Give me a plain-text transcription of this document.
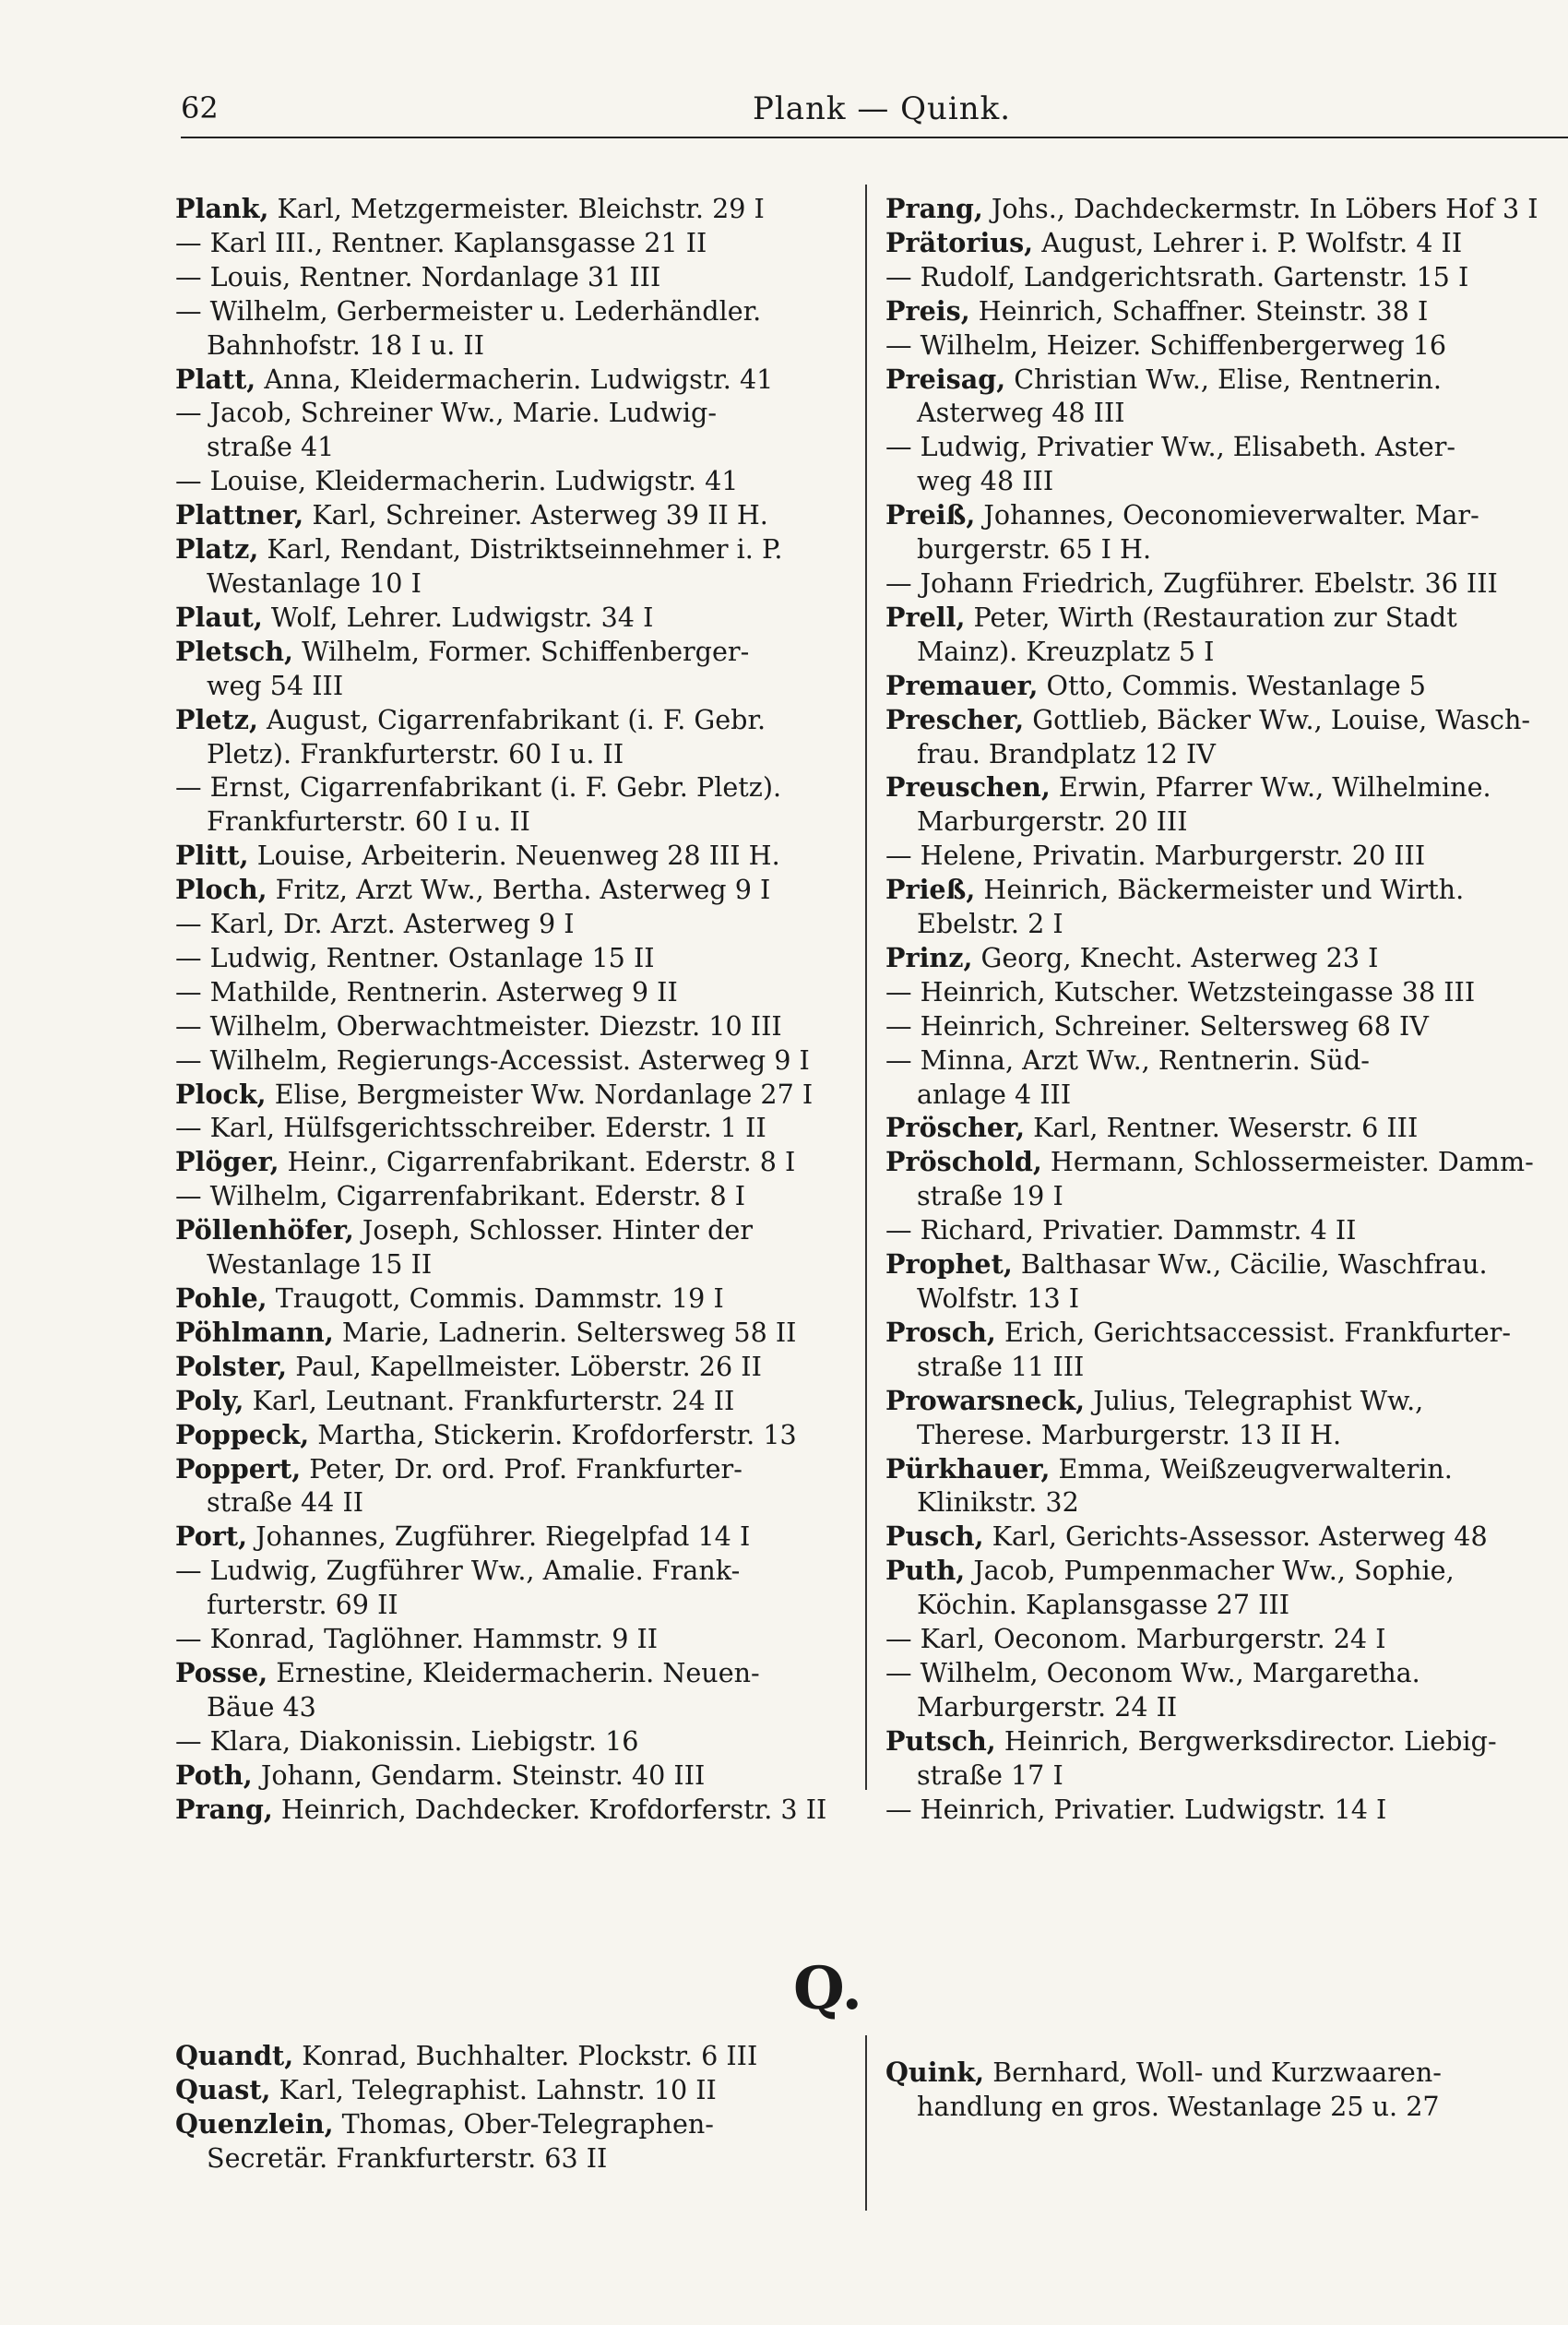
62	Plank — Quink.
Plank, Karl, Metzgermeister. Bleichstr. 29 I
— Karl III., Rentner. Kaplansgasse 21 II
— Louis, Rentner. Nordanlage 31 III
— Wilhelm, Gerbermeister u. Lederhändler.
Bahnhofstr. 18 I u. II
Platt, Anna, Kleidermacherin. Ludwigstr. 41
— Jacob, Schreiner Ww., Marie. Ludwig-
straße 41
— Louise, Kleidermacherin. Ludwigstr. 41
Plattner, Karl, Schreiner. Asterweg 39 II H.
Platz, Karl, Rendant, Distriktseinnehmer i. P.
Westanlage 10 I
Plaut, Wolf, Lehrer. Ludwigstr. 34 I
Pletsch, Wilhelm, Former. Schiffenberger-
weg 54 III
Pletz, August, Cigarrenfabrikant (i. F. Gebr.
Pletz). Frankfurterstr. 60 I u. II
— Ernst, Cigarrenfabrikant (i. F. Gebr. Pletz).
Frankfurterstr. 60 I u. II
Plitt, Louise, Arbeiterin. Neuenweg 28 III H.
Ploch, Fritz, Arzt Ww., Bertha. Asterweg 9 I
— Karl, Dr. Arzt. Asterweg 9 I
— Ludwig, Rentner. Ostanlage 15 II
— Mathilde, Rentnerin. Asterweg 9 II
— Wilhelm, Oberwachtmeister. Diezstr. 10 III
— Wilhelm, Regierungs-Accessist. Asterweg 9 I
Plock, Elise, Bergmeister Ww. Nordanlage 27 I
— Karl, Hülfsgerichtsschreiber. Ederstr. 1 II
Plöger, Heinr., Cigarrenfabrikant. Ederstr. 8 I
— Wilhelm, Cigarrenfabrikant. Ederstr. 8 I
Pöllenhöfer, Joseph, Schlosser. Hinter der
Westanlage 15 II
Pohle, Traugott, Commis. Dammstr. 19 I
Pöhlmann, Marie, Ladnerin. Seltersweg 58 II
Polster, Paul, Kapellmeister. Löberstr. 26 II
Poly, Karl, Leutnant. Frankfurterstr. 24 II
Poppeck, Martha, Stickerin. Krofdorferstr. 13
Poppert, Peter, Dr. ord. Prof. Frankfurter-
straße 44 II
Port, Johannes, Zugführer. Riegelpfad 14 I
— Ludwig, Zugführer Ww., Amalie. Frank-
furterstr. 69 II
— Konrad, Taglöhner. Hammstr. 9 II
Posse, Ernestine, Kleidermacherin. Neuen-
Bäue 43
— Klara, Diakonissin. Liebigstr. 16
Poth, Johann, Gendarm. Steinstr. 40 III
Prang, Heinrich, Dachdecker. Krofdorferstr. 3 II
Prang, Johs., Dachdeckermstr. In Löbers Hof 3 I
Prätorius, August, Lehrer i. P. Wolfstr. 4 II
— Rudolf, Landgerichtsrath. Gartenstr. 15 I
Preis, Heinrich, Schaffner. Steinstr. 38 I
— Wilhelm, Heizer. Schiffenbergerweg 16
Preisag, Christian Ww., Elise, Rentnerin.
Asterweg 48 III
— Ludwig, Privatier Ww., Elisabeth. Aster-
weg 48 III
Preiß, Johannes, Oeconomieverwalter. Mar-
burgerstr. 65 I H.
— Johann Friedrich, Zugführer. Ebelstr. 36 III
Prell, Peter, Wirth (Restauration zur Stadt
Mainz). Kreuzplatz 5 I
Premauer, Otto, Commis. Westanlage 5
Prescher, Gottlieb, Bäcker Ww., Louise, Wasch-
frau. Brandplatz 12 IV
Preuschen, Erwin, Pfarrer Ww., Wilhelmine.
Marburgerstr. 20 III
— Helene, Privatin. Marburgerstr. 20 III
Prieß, Heinrich, Bäckermeister und Wirth.
Ebelstr. 2 I
Prinz, Georg, Knecht. Asterweg 23 I
— Heinrich, Kutscher. Wetzsteingasse 38 III
— Heinrich, Schreiner. Seltersweg 68 IV
— Minna, Arzt Ww., Rentnerin. Süd-
anlage 4 III
Pröscher, Karl, Rentner. Weserstr. 6 III
Pröschold, Hermann, Schlossermeister. Damm-
straße 19 I
— Richard, Privatier. Dammstr. 4 II
Prophet, Balthasar Ww., Cäcilie, Waschfrau.
Wolfstr. 13 I
Prosch, Erich, Gerichtsaccessist. Frankfurter-
straße 11 III
Prowarsneck, Julius, Telegraphist Ww.,
Therese. Marburgerstr. 13 II H.
Pürkhauer, Emma, Weißzeugverwalterin.
Klinikstr. 32
Pusch, Karl, Gerichts-Assessor. Asterweg 48
Puth, Jacob, Pumpenmacher Ww., Sophie,
Köchin. Kaplansgasse 27 III
— Karl, Oeconom. Marburgerstr. 24 I
— Wilhelm, Oeconom Ww., Margaretha.
Marburgerstr. 24 II
Putsch, Heinrich, Bergwerksdirector. Liebig-
straße 17 I
— Heinrich, Privatier. Ludwigstr. 14 I
Q.
Quandt, Konrad, Buchhalter. Plockstr. 6 III
Quast, Karl, Telegraphist. Lahnstr. 10 II
Quenzlein, Thomas, Ober-Telegraphen-
Secretär. Frankfurterstr. 63 II
Quink, Bernhard, Woll- und Kurzwaaren-
handlung en gros. Westanlage 25 u. 27
